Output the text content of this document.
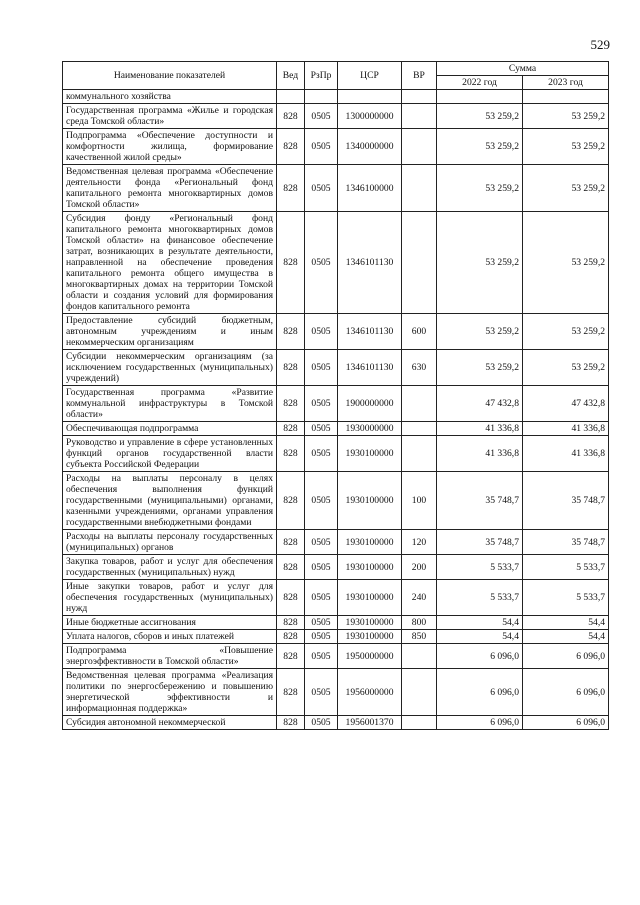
529
Наименование показателей	Вед	РзПр	ЦСР	ВР	Сумма	
					2022 год	2023 год
коммунального хозяйства						
Государственная программа «Жилье и городская среда Томской области»	828	0505	1300000000		53 259,2	53 259,2
Подпрограмма «Обеспечение доступности и комфортности жилища, формирование качественной жилой среды»	828	0505	1340000000		53 259,2	53 259,2
Ведомственная целевая программа «Обеспечение деятельности фонда «Региональный фонд капитального ремонта многоквартирных домов Томской области»	828	0505	1346100000		53 259,2	53 259,2
Субсидия фонду «Региональный фонд капитального ремонта многоквартирных домов Томской области» на финансовое обеспечение затрат, возникающих в результате деятельности, направленной на обеспечение проведения капитального ремонта общего имущества в многоквартирных домах на территории Томской области и создания условий для формирования фондов капитального ремонта	828	0505	1346101130		53 259,2	53 259,2
Предоставление субсидий бюджетным, автономным учреждениям и иным некоммерческим организациям	828	0505	1346101130	600	53 259,2	53 259,2
Субсидии некоммерческим организациям (за исключением государственных (муниципальных) учреждений)	828	0505	1346101130	630	53 259,2	53 259,2
Государственная программа «Развитие коммунальной инфраструктуры в Томской области»	828	0505	1900000000		47 432,8	47 432,8
Обеспечивающая подпрограмма	828	0505	1930000000		41 336,8	41 336,8
Руководство и управление в сфере установленных функций органов государственной власти субъекта Российской Федерации	828	0505	1930100000		41 336,8	41 336,8
Расходы на выплаты персоналу в целях обеспечения выполнения функций государственными (муниципальными) органами, казенными учреждениями, органами управления государственными внебюджетными фондами	828	0505	1930100000	100	35 748,7	35 748,7
Расходы на выплаты персоналу государственных (муниципальных) органов	828	0505	1930100000	120	35 748,7	35 748,7
Закупка товаров, работ и услуг для обеспечения государственных (муниципальных) нужд	828	0505	1930100000	200	5 533,7	5 533,7
Иные закупки товаров, работ и услуг для обеспечения государственных (муниципальных) нужд	828	0505	1930100000	240	5 533,7	5 533,7
Иные бюджетные ассигнования	828	0505	1930100000	800	54,4	54,4
Уплата налогов, сборов и иных платежей	828	0505	1930100000	850	54,4	54,4
Подпрограмма «Повышение энергоэффективности в Томской области»	828	0505	1950000000		6 096,0	6 096,0
Ведомственная целевая программа «Реализация политики по энергосбережению и повышению энергетической эффективности и информационная поддержка»	828	0505	1956000000		6 096,0	6 096,0
Субсидия автономной некоммерческой	828	0505	1956001370		6 096,0	6 096,0
